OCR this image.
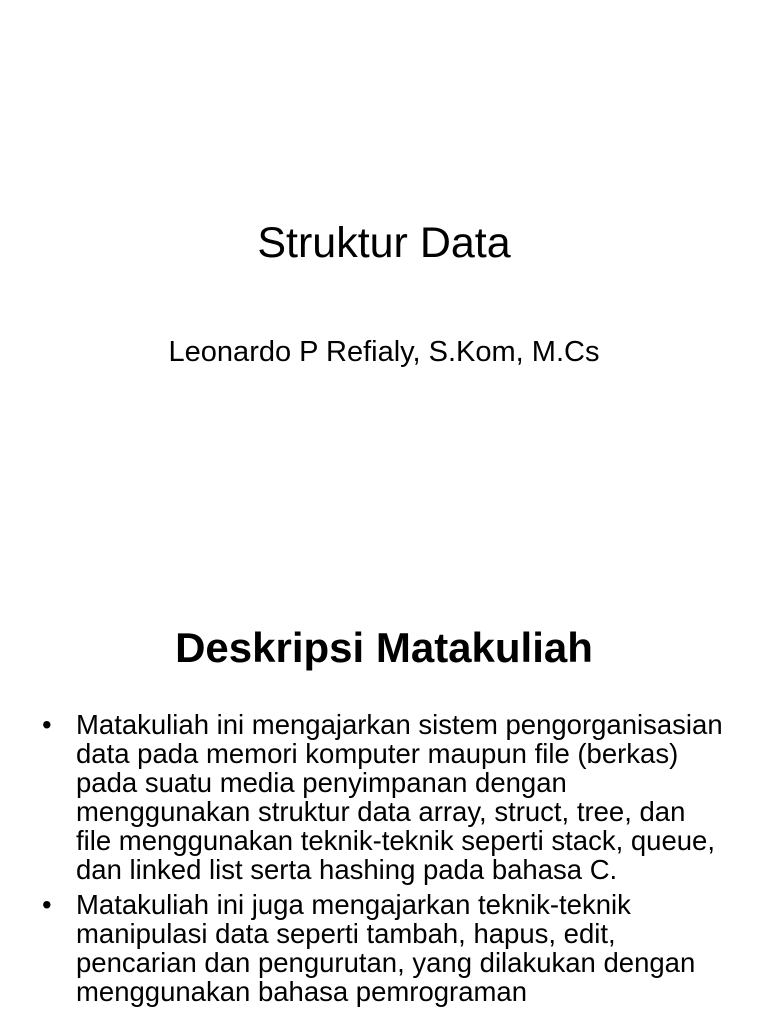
Struktur Data

Leonardo P Refialy, S.Kom, M.Cs

Deskripsi Matakuliah
• Matakuliah ini mengajarkan sistem pengorganisasian data pada memori komputer maupun file (berkas) pada suatu media penyimpanan dengan menggunakan struktur data array, struct, tree, dan file menggunakan teknik-teknik seperti stack, queue, dan linked list serta hashing pada bahasa C.
• Matakuliah ini juga mengajarkan teknik-teknik manipulasi data seperti tambah, hapus, edit, pencarian dan pengurutan, yang dilakukan dengan menggunakan bahasa pemrograman
